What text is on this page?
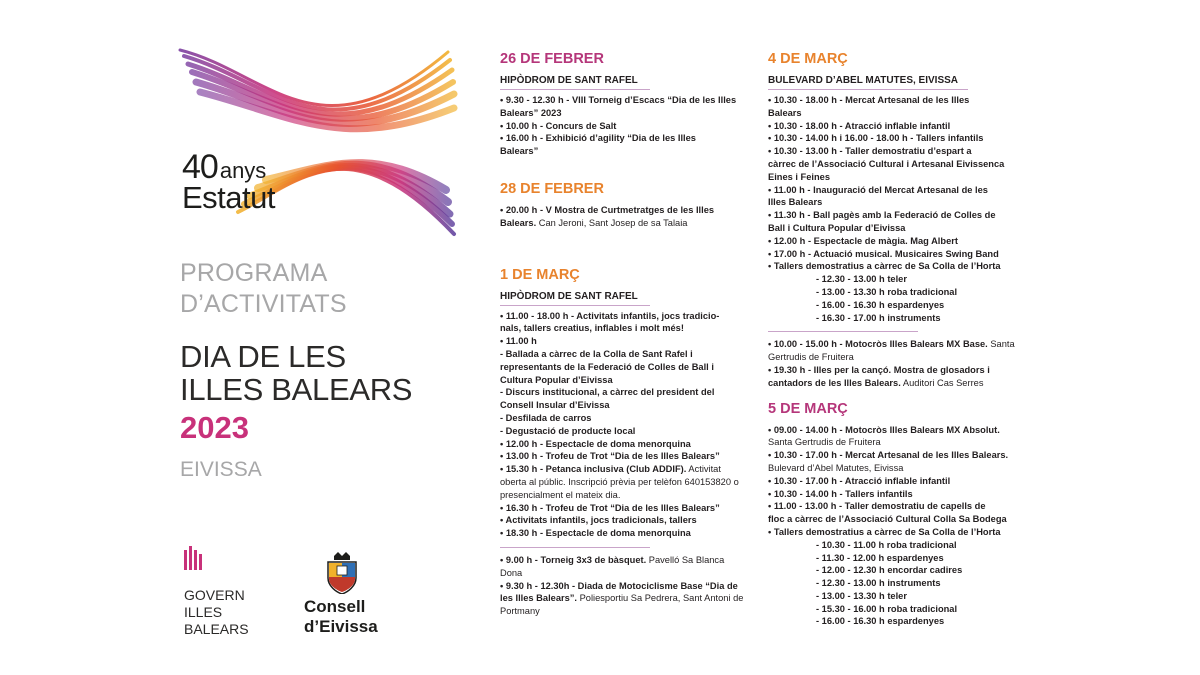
40anys
Estatut
PROGRAMA
D’ACTIVITATS
DIA DE LES
ILLES BALEARS
2023
EIVISSA
GOVERN
ILLES
BALEARS
Consell
d’Eivissa
26 DE FEBRER
HIPÒDROM DE SANT RAFEL
• 9.30 - 12.30 h - VIII Torneig d’Escacs “Dia de les Illes
Balears” 2023
• 10.00 h - Concurs de Salt
• 16.00 h - Exhibició d’agility “Dia de les Illes
Balears”
28 DE FEBRER
• 20.00 h - V Mostra de Curtmetratges de les Illes
Balears. Can Jeroni, Sant Josep de sa Talaia
1 DE MARÇ
HIPÒDROM DE SANT RAFEL
• 11.00 - 18.00 h - Activitats infantils, jocs tradicio-
nals, tallers creatius, inflables i molt més!
• 11.00 h
- Ballada a càrrec de la Colla de Sant Rafel i
representants de la Federació de Colles de Ball i
Cultura Popular d’Eivissa
- Discurs institucional, a càrrec del president del
Consell Insular d’Eivissa
- Desfilada de carros
- Degustació de producte local
• 12.00 h - Espectacle de doma menorquina
• 13.00 h - Trofeu de Trot “Dia de les Illes Balears”
• 15.30 h - Petanca inclusiva (Club ADDIF). Activitat oberta al públic. Inscripció prèvia per telèfon 640153820 o presencialment el mateix dia.
• 16.30 h - Trofeu de Trot “Dia de les Illes Balears”
• Activitats infantils, jocs tradicionals, tallers
• 18.30 h - Espectacle de doma menorquina
• 9.00 h - Torneig 3x3 de bàsquet. Pavelló Sa Blanca Dona
• 9.30 h - 12.30h - Diada de Motociclisme Base “Dia de les Illes Balears”. Poliesportiu Sa Pedrera, Sant Antoni de Portmany
4 DE MARÇ
BULEVARD D’ABEL MATUTES, EIVISSA
• 10.30 - 18.00 h - Mercat Artesanal de les Illes
Balears
• 10.30 - 18.00 h - Atracció inflable infantil
• 10.30 - 14.00 h i 16.00 - 18.00 h - Tallers infantils
• 10.30 - 13.00 h - Taller demostratiu d’espart a
càrrec de l’Associació Cultural i Artesanal Eivissenca
Eines i Feines
• 11.00 h - Inauguració del Mercat Artesanal de les
Illes Balears
• 11.30 h - Ball pagès amb la Federació de Colles de
Ball i Cultura Popular d’Eivissa
• 12.00 h - Espectacle de màgia. Mag Albert
• 17.00 h - Actuació musical. Musicaires Swing Band
• Tallers demostratius a càrrec de Sa Colla de l’Horta
- 12.30 - 13.00 h teler
- 13.00 - 13.30 h roba tradicional
- 16.00 - 16.30 h espardenyes
- 16.30 - 17.00 h instruments
• 10.00 - 15.00 h - Motocròs Illes Balears MX Base. Santa Gertrudis de Fruitera
• 19.30 h - Illes per la cançó. Mostra de glosadors i cantadors de les Illes Balears. Auditori Cas Serres
5 DE MARÇ
• 09.00 - 14.00 h - Motocròs Illes Balears MX Absolut. Santa Gertrudis de Fruitera
• 10.30 - 17.00 h - Mercat Artesanal de les Illes Balears. Bulevard d’Abel Matutes, Eivissa
• 10.30 - 17.00 h - Atracció inflable infantil
• 10.30 - 14.00 h - Tallers infantils
• 11.00 - 13.00 h - Taller demostratiu de capells de
floc a càrrec de l’Associació Cultural Colla Sa Bodega
• Tallers demostratius a càrrec de Sa Colla de l’Horta
- 10.30 - 11.00 h roba tradicional
- 11.30 - 12.00 h espardenyes
- 12.00 - 12.30 h encordar cadires
- 12.30 - 13.00 h instruments
- 13.00 - 13.30 h teler
- 15.30 - 16.00 h roba tradicional
- 16.00 - 16.30 h espardenyes
